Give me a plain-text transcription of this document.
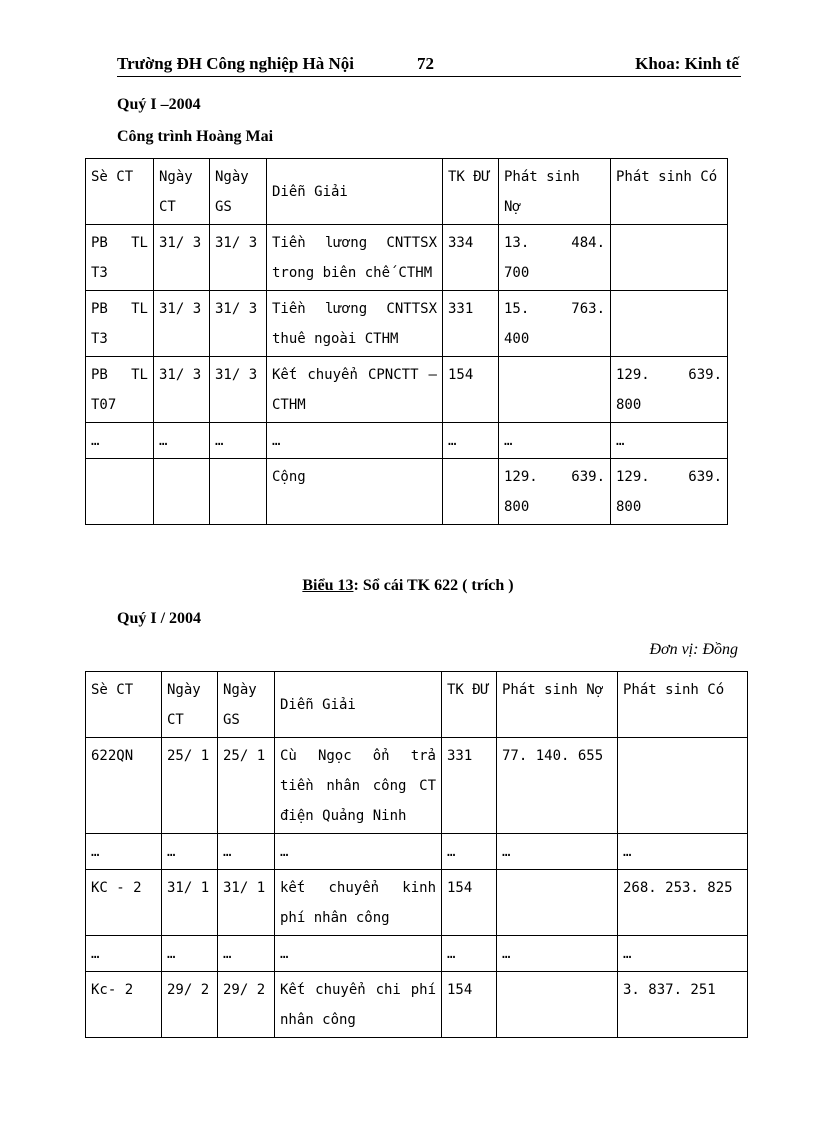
Trường ĐH Công nghiệp Hà Nội	72	Khoa: Kinh tế
Quý I –2004
Công trình Hoàng Mai
Sè CT	Ngày CT	Ngày GS	Diễn Giải	TK ĐƯ	Phát sinh Nợ	Phát sinh Có
PB TL T3	31/ 3	31/ 3	Tiền lương CNTTSX trong biên chế CTHM	334	13. 484. 700	
PB TL T3	31/ 3	31/ 3	Tiền lương CNTTSX thuê ngoài CTHM	331	15. 763. 400	
PB TL T07	31/ 3	31/ 3	Kết chuyển CPNCTT – CTHM	154		129. 639. 800
…	…	…	…	…	…	…
			Cộng		129. 639. 800	129. 639. 800
Biểu 13: Sổ cái TK 622 ( trích )
Quý I / 2004
Đơn vị: Đồng
Sè CT	Ngày CT	Ngày GS	Diễn Giải	TK ĐƯ	Phát sinh Nợ	Phát sinh Có
622QN	25/ 1	25/ 1	Cù Ngọc ổn trả tiền nhân công CT điện Quảng Ninh	331	77. 140. 655	
…	…	…	…	…	…	…
KC - 2	31/ 1	31/ 1	kết chuyển kinh phí nhân công	154		268. 253. 825
…	…	…	…	…	…	…
Kc- 2	29/ 2	29/ 2	Kết chuyển chi phí nhân công	154		3. 837. 251
